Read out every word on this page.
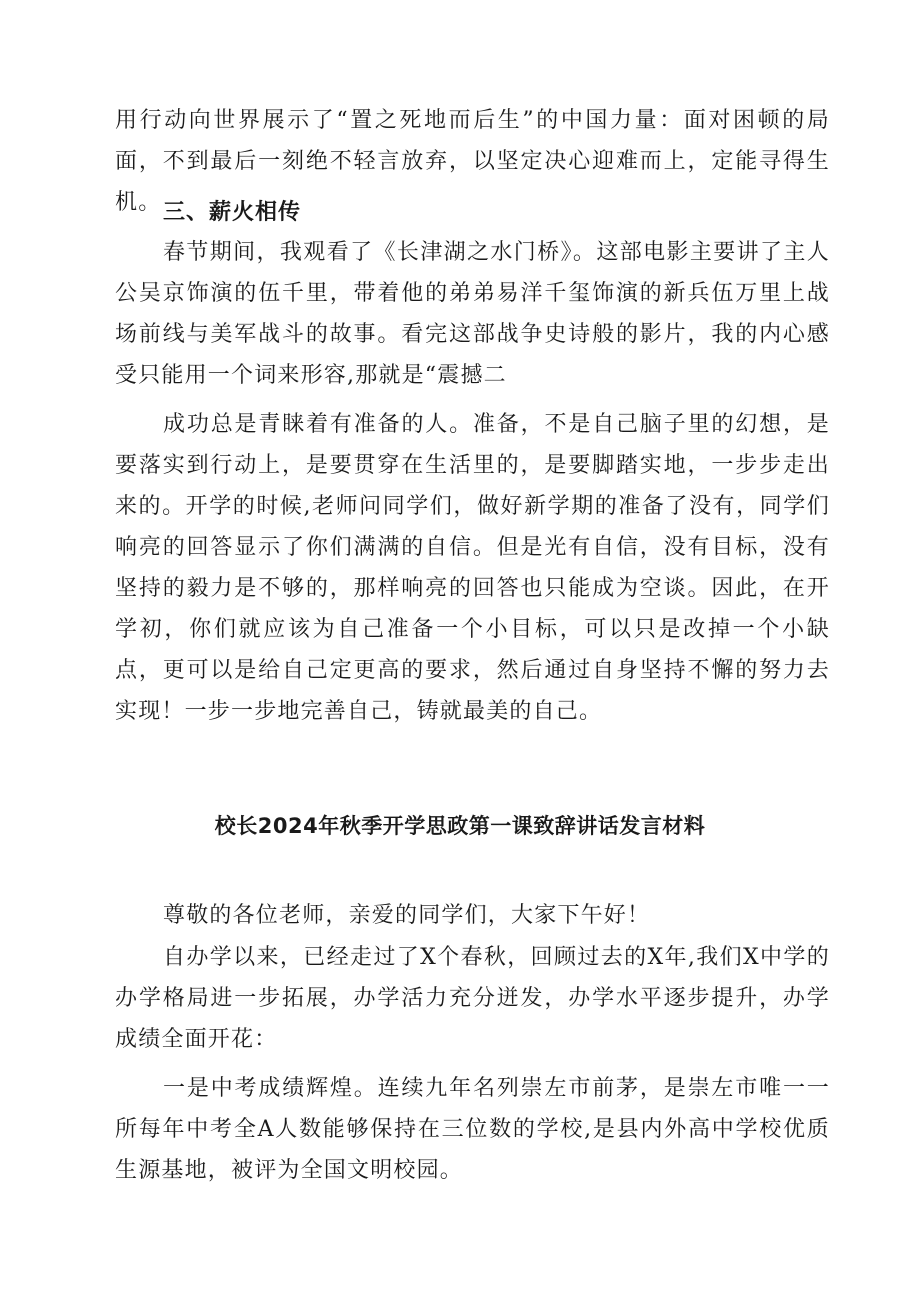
用行动向世界展示了“置之死地而后生”的中国力量：面对困顿的局面，不到最后一刻绝不轻言放弃，以坚定决心迎难而上，定能寻得生机。 三、薪火相传

春节期间，我观看了《长津湖之水门桥》。这部电影主要讲了主人公吴京饰演的伍千里，带着他的弟弟易洋千玺饰演的新兵伍万里上战场前线与美军战斗的故事。看完这部战争史诗般的影片，我的内心感受只能用一个词来形容,那就是“震撼二

成功总是青睐着有准备的人。准备，不是自己脑子里的幻想，是要落实到行动上，是要贯穿在生活里的，是要脚踏实地，一步步走出来的。开学的时候,老师问同学们，做好新学期的准备了没有，同学们响亮的回答显示了你们满满的自信。但是光有自信，没有目标，没有坚持的毅力是不够的，那样响亮的回答也只能成为空谈。因此，在开学初，你们就应该为自己准备一个小目标，可以只是改掉一个小缺点，更可以是给自己定更高的要求，然后通过自身坚持不懈的努力去实现！一步一步地完善自己，铸就最美的自己。

校长2024年秋季开学思政第一课致辞讲话发言材料

尊敬的各位老师，亲爱的同学们，大家下午好！

自办学以来，已经走过了X个春秋，回顾过去的X年,我们X中学的办学格局进一步拓展，办学活力充分迸发，办学水平逐步提升，办学成绩全面开花：

一是中考成绩辉煌。连续九年名列崇左市前茅，是崇左市唯一一所每年中考全A人数能够保持在三位数的学校,是县内外高中学校优质生源基地，被评为全国文明校园。
